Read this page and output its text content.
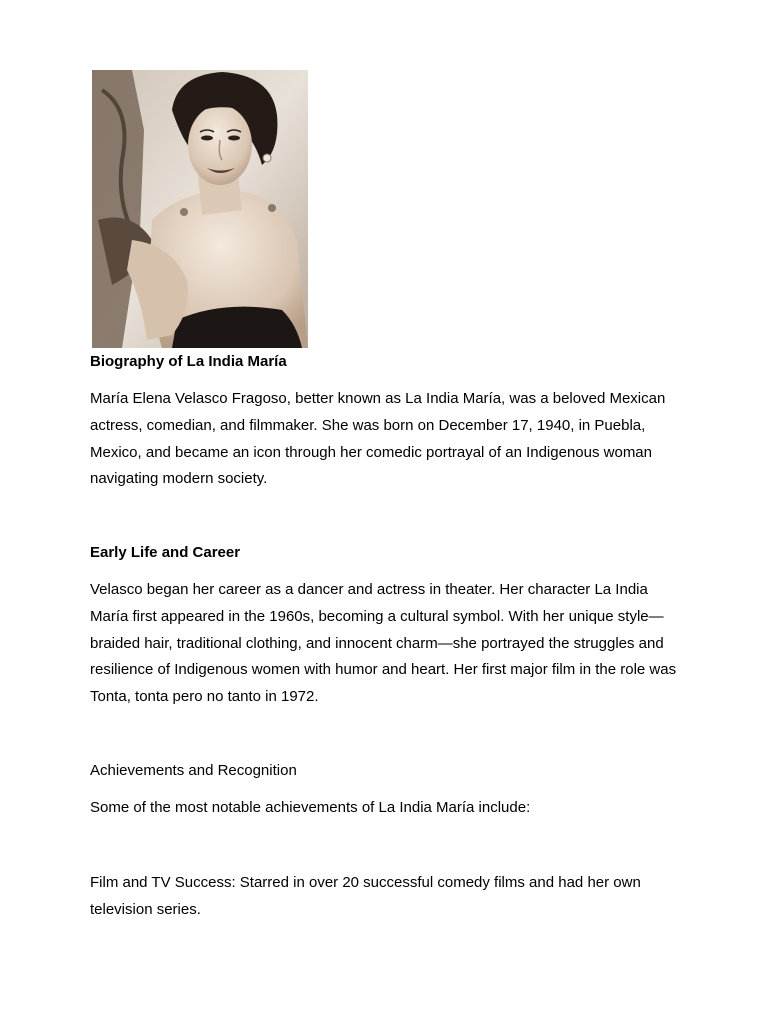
Biography of La India María

María Elena Velasco Fragoso, better known as La India María, was a beloved Mexican actress, comedian, and filmmaker. She was born on December 17, 1940, in Puebla, Mexico, and became an icon through her comedic portrayal of an Indigenous woman navigating modern society.

Early Life and Career

Velasco began her career as a dancer and actress in theater. Her character La India María first appeared in the 1960s, becoming a cultural symbol. With her unique style—braided hair, traditional clothing, and innocent charm—she portrayed the struggles and resilience of Indigenous women with humor and heart. Her first major film in the role was Tonta, tonta pero no tanto in 1972.

Achievements and Recognition

Some of the most notable achievements of La India María include:

Film and TV Success: Starred in over 20 successful comedy films and had her own television series.
